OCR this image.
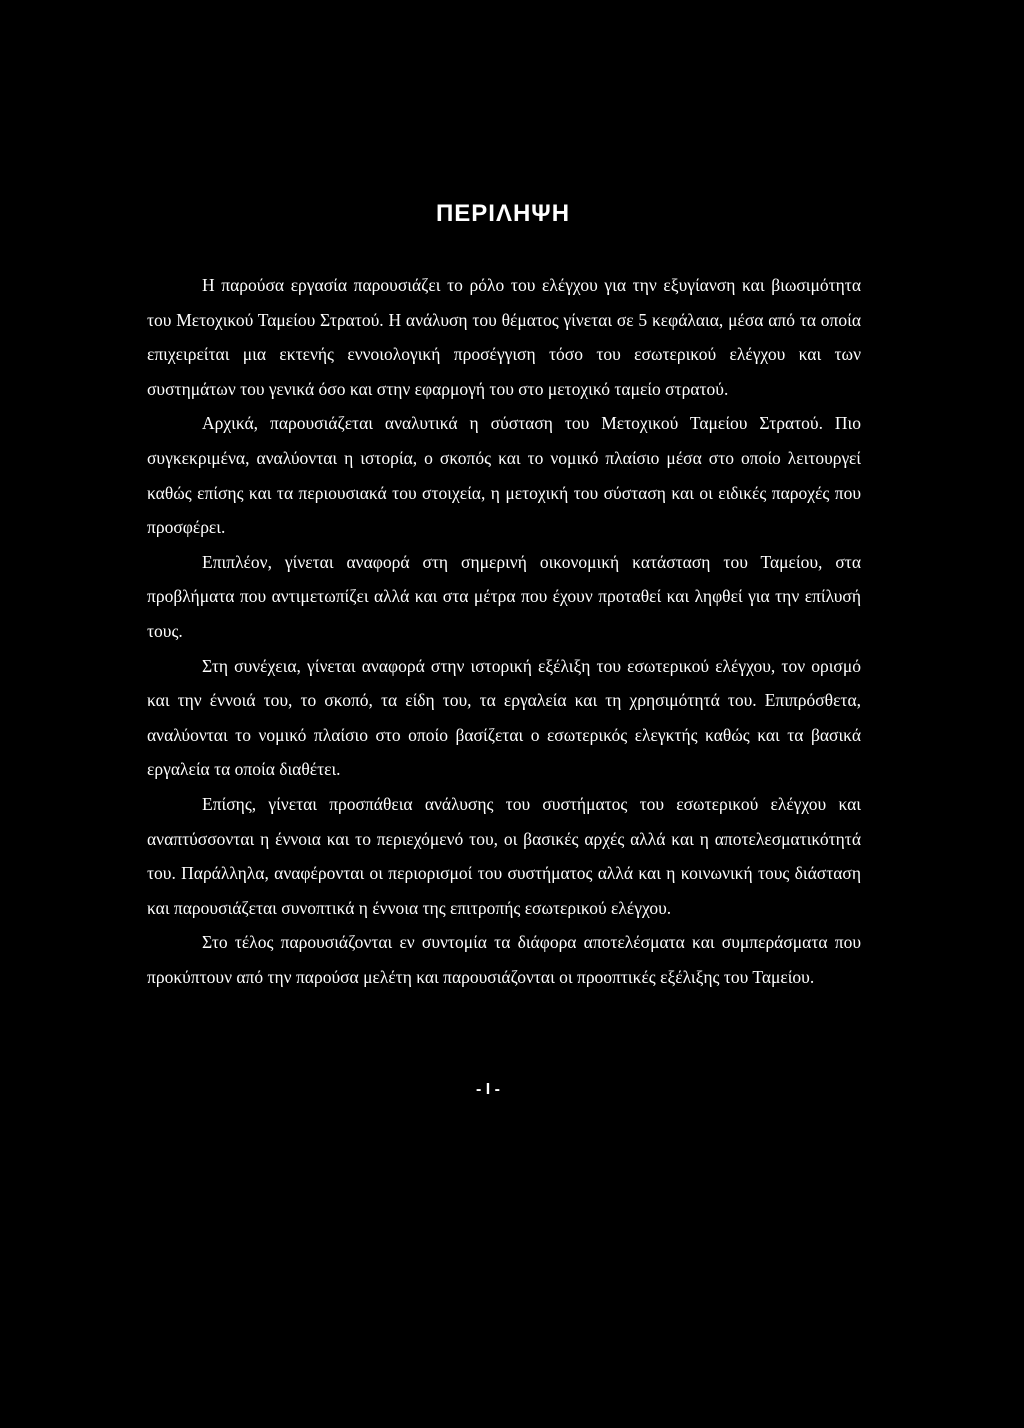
ΠΕΡΙΛΗΨΗ

Η παρούσα εργασία παρουσιάζει το ρόλο του ελέγχου για την εξυγίανση και βιωσιμότητα του Μετοχικού Ταμείου Στρατού. Η ανάλυση του θέματος γίνεται σε 5 κεφάλαια, μέσα από τα οποία επιχειρείται μια εκτενής εννοιολογική προσέγγιση τόσο του εσωτερικού ελέγχου και των συστημάτων του γενικά όσο και στην εφαρμογή του στο μετοχικό ταμείο στρατού.

Αρχικά, παρουσιάζεται αναλυτικά η σύσταση του Μετοχικού Ταμείου Στρατού. Πιο συγκεκριμένα, αναλύονται η ιστορία, ο σκοπός και το νομικό πλαίσιο μέσα στο οποίο λειτουργεί καθώς επίσης και τα περιουσιακά του στοιχεία, η μετοχική του σύσταση και οι ειδικές παροχές που προσφέρει.

Επιπλέον, γίνεται αναφορά στη σημερινή οικονομική κατάσταση του Ταμείου, στα προβλήματα που αντιμετωπίζει αλλά και στα μέτρα που έχουν προταθεί και ληφθεί για την επίλυσή τους.

Στη συνέχεια, γίνεται αναφορά στην ιστορική εξέλιξη του εσωτερικού ελέγχου, τον ορισμό και την έννοιά του, το σκοπό, τα είδη του, τα εργαλεία και τη χρησιμότητά του. Επιπρόσθετα, αναλύονται το νομικό πλαίσιο στο οποίο βασίζεται ο εσωτερικός ελεγκτής καθώς και τα βασικά εργαλεία τα οποία διαθέτει.

Επίσης, γίνεται προσπάθεια ανάλυσης του συστήματος του εσωτερικού ελέγχου και αναπτύσσονται η έννοια και το περιεχόμενό του, οι βασικές αρχές αλλά και η αποτελεσματικότητά του. Παράλληλα, αναφέρονται οι περιορισμοί του συστήματος αλλά και η κοινωνική τους διάσταση και παρουσιάζεται συνοπτικά η έννοια της επιτροπής εσωτερικού ελέγχου.

Στο τέλος παρουσιάζονται εν συντομία τα διάφορα αποτελέσματα και συμπεράσματα που προκύπτουν από την παρούσα μελέτη και παρουσιάζονται οι προοπτικές εξέλιξης του Ταμείου.

- I -
